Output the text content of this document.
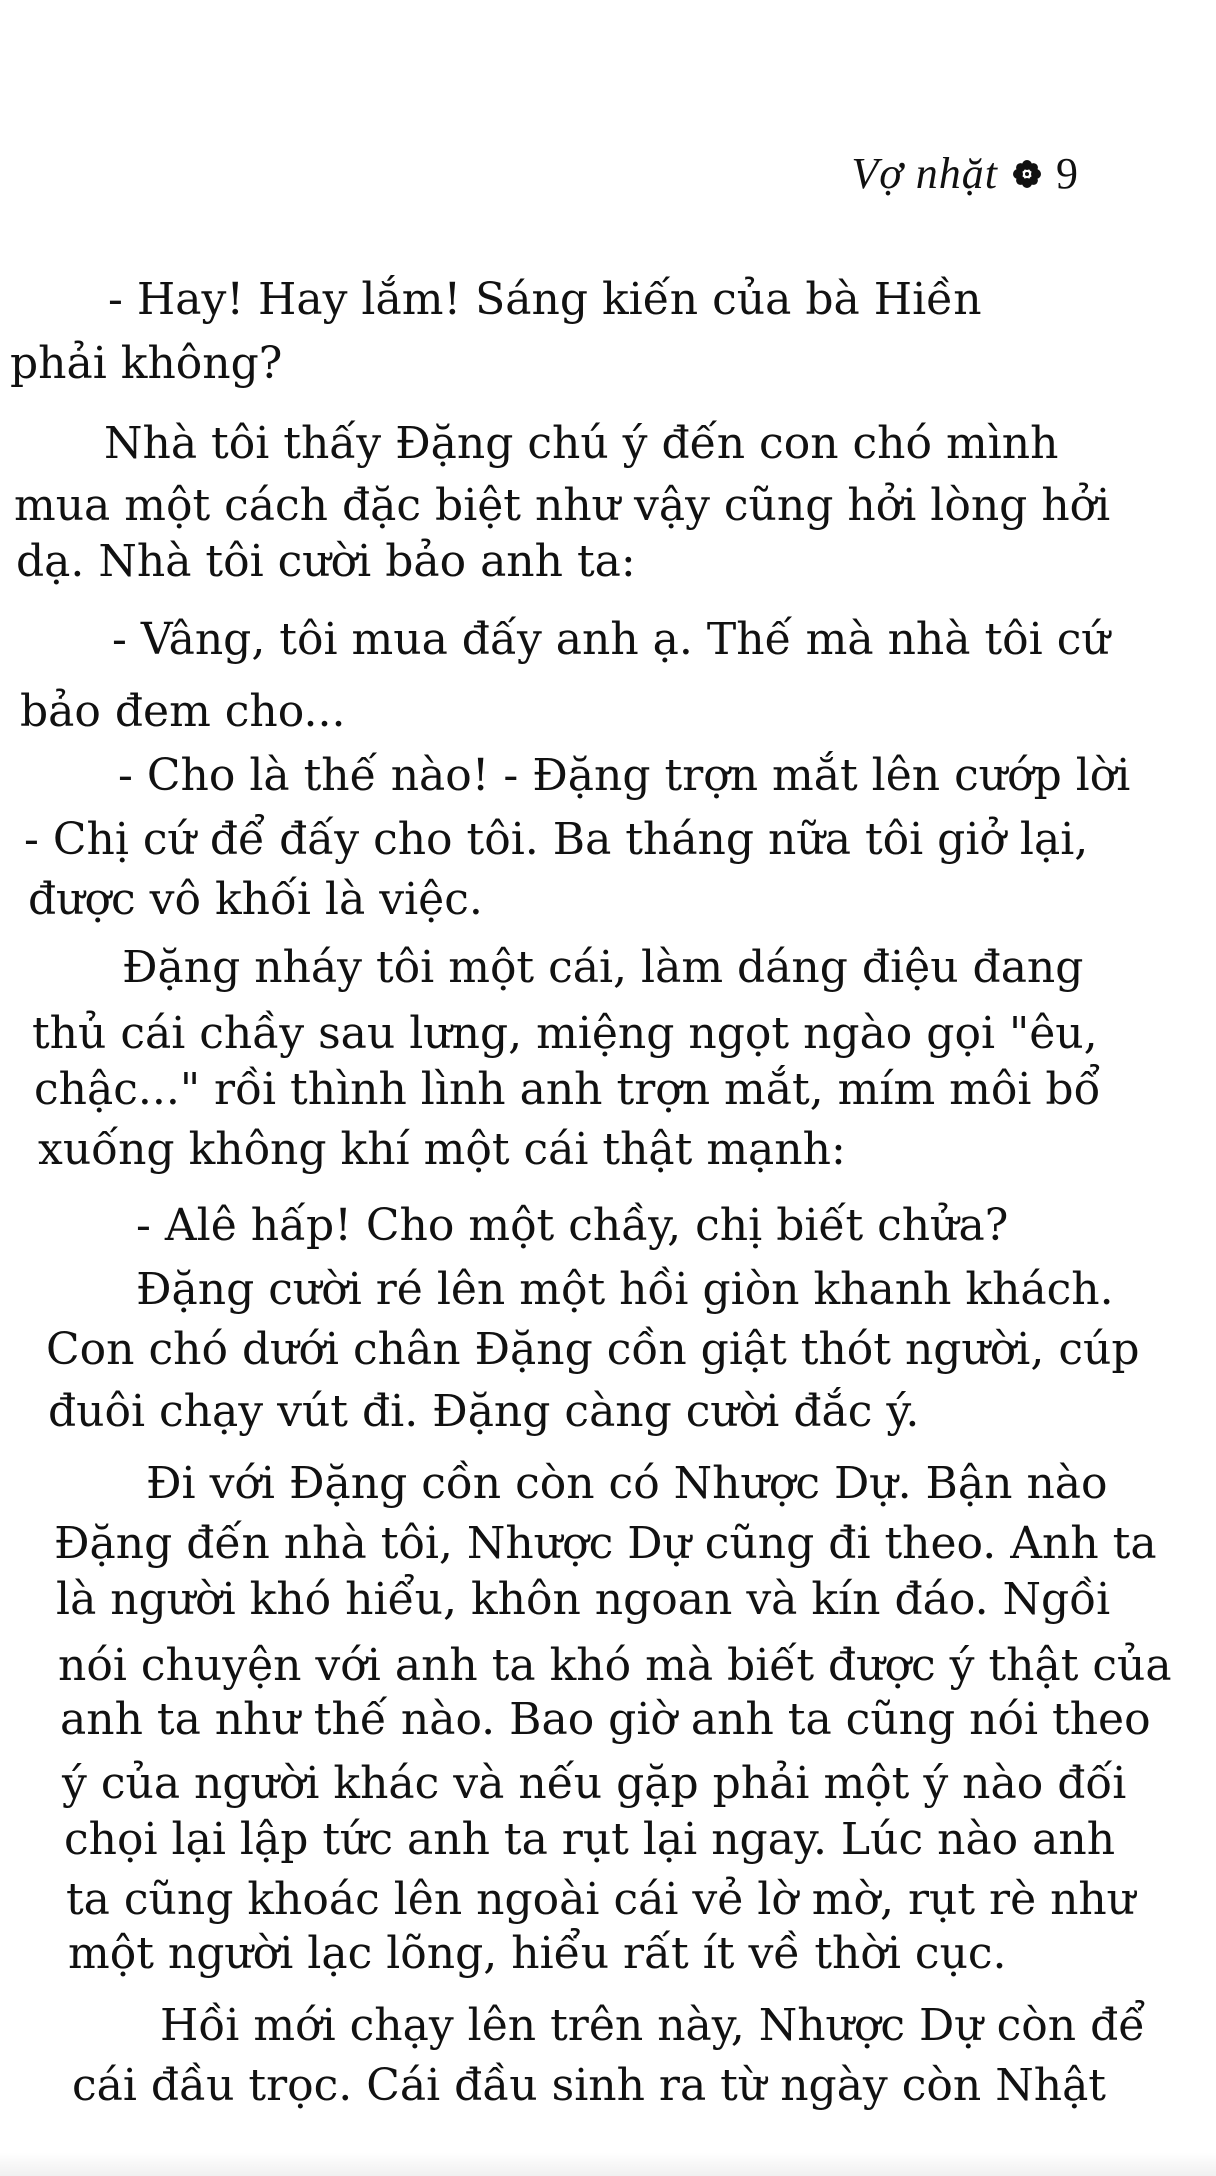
Vợ nhặt 9
- Hay! Hay lắm! Sáng kiến của bà Hiền
phải không?
Nhà tôi thấy Đặng chú ý đến con chó mình
mua một cách đặc biệt như vậy cũng hởi lòng hởi
dạ. Nhà tôi cười bảo anh ta:
- Vâng, tôi mua đấy anh ạ. Thế mà nhà tôi cứ
bảo đem cho...
- Cho là thế nào! - Đặng trợn mắt lên cướp lời
- Chị cứ để đấy cho tôi. Ba tháng nữa tôi giở lại,
được vô khối là việc.
Đặng nháy tôi một cái, làm dáng điệu đang
thủ cái chầy sau lưng, miệng ngọt ngào gọi "êu,
chậc..." rồi thình lình anh trợn mắt, mím môi bổ
xuống không khí một cái thật mạnh:
- Alê hấp! Cho một chầy, chị biết chửa?
Đặng cười ré lên một hồi giòn khanh khách.
Con chó dưới chân Đặng cồn giật thót người, cúp
đuôi chạy vút đi. Đặng càng cười đắc ý.
Đi với Đặng cồn còn có Nhược Dự. Bận nào
Đặng đến nhà tôi, Nhược Dự cũng đi theo. Anh ta
là người khó hiểu, khôn ngoan và kín đáo. Ngồi
nói chuyện với anh ta khó mà biết được ý thật của
anh ta như thế nào. Bao giờ anh ta cũng nói theo
ý của người khác và nếu gặp phải một ý nào đối
chọi lại lập tức anh ta rụt lại ngay. Lúc nào anh
ta cũng khoác lên ngoài cái vẻ lờ mờ, rụt rè như
một người lạc lõng, hiểu rất ít về thời cục.
Hồi mới chạy lên trên này, Nhược Dự còn để
cái đầu trọc. Cái đầu sinh ra từ ngày còn Nhật
